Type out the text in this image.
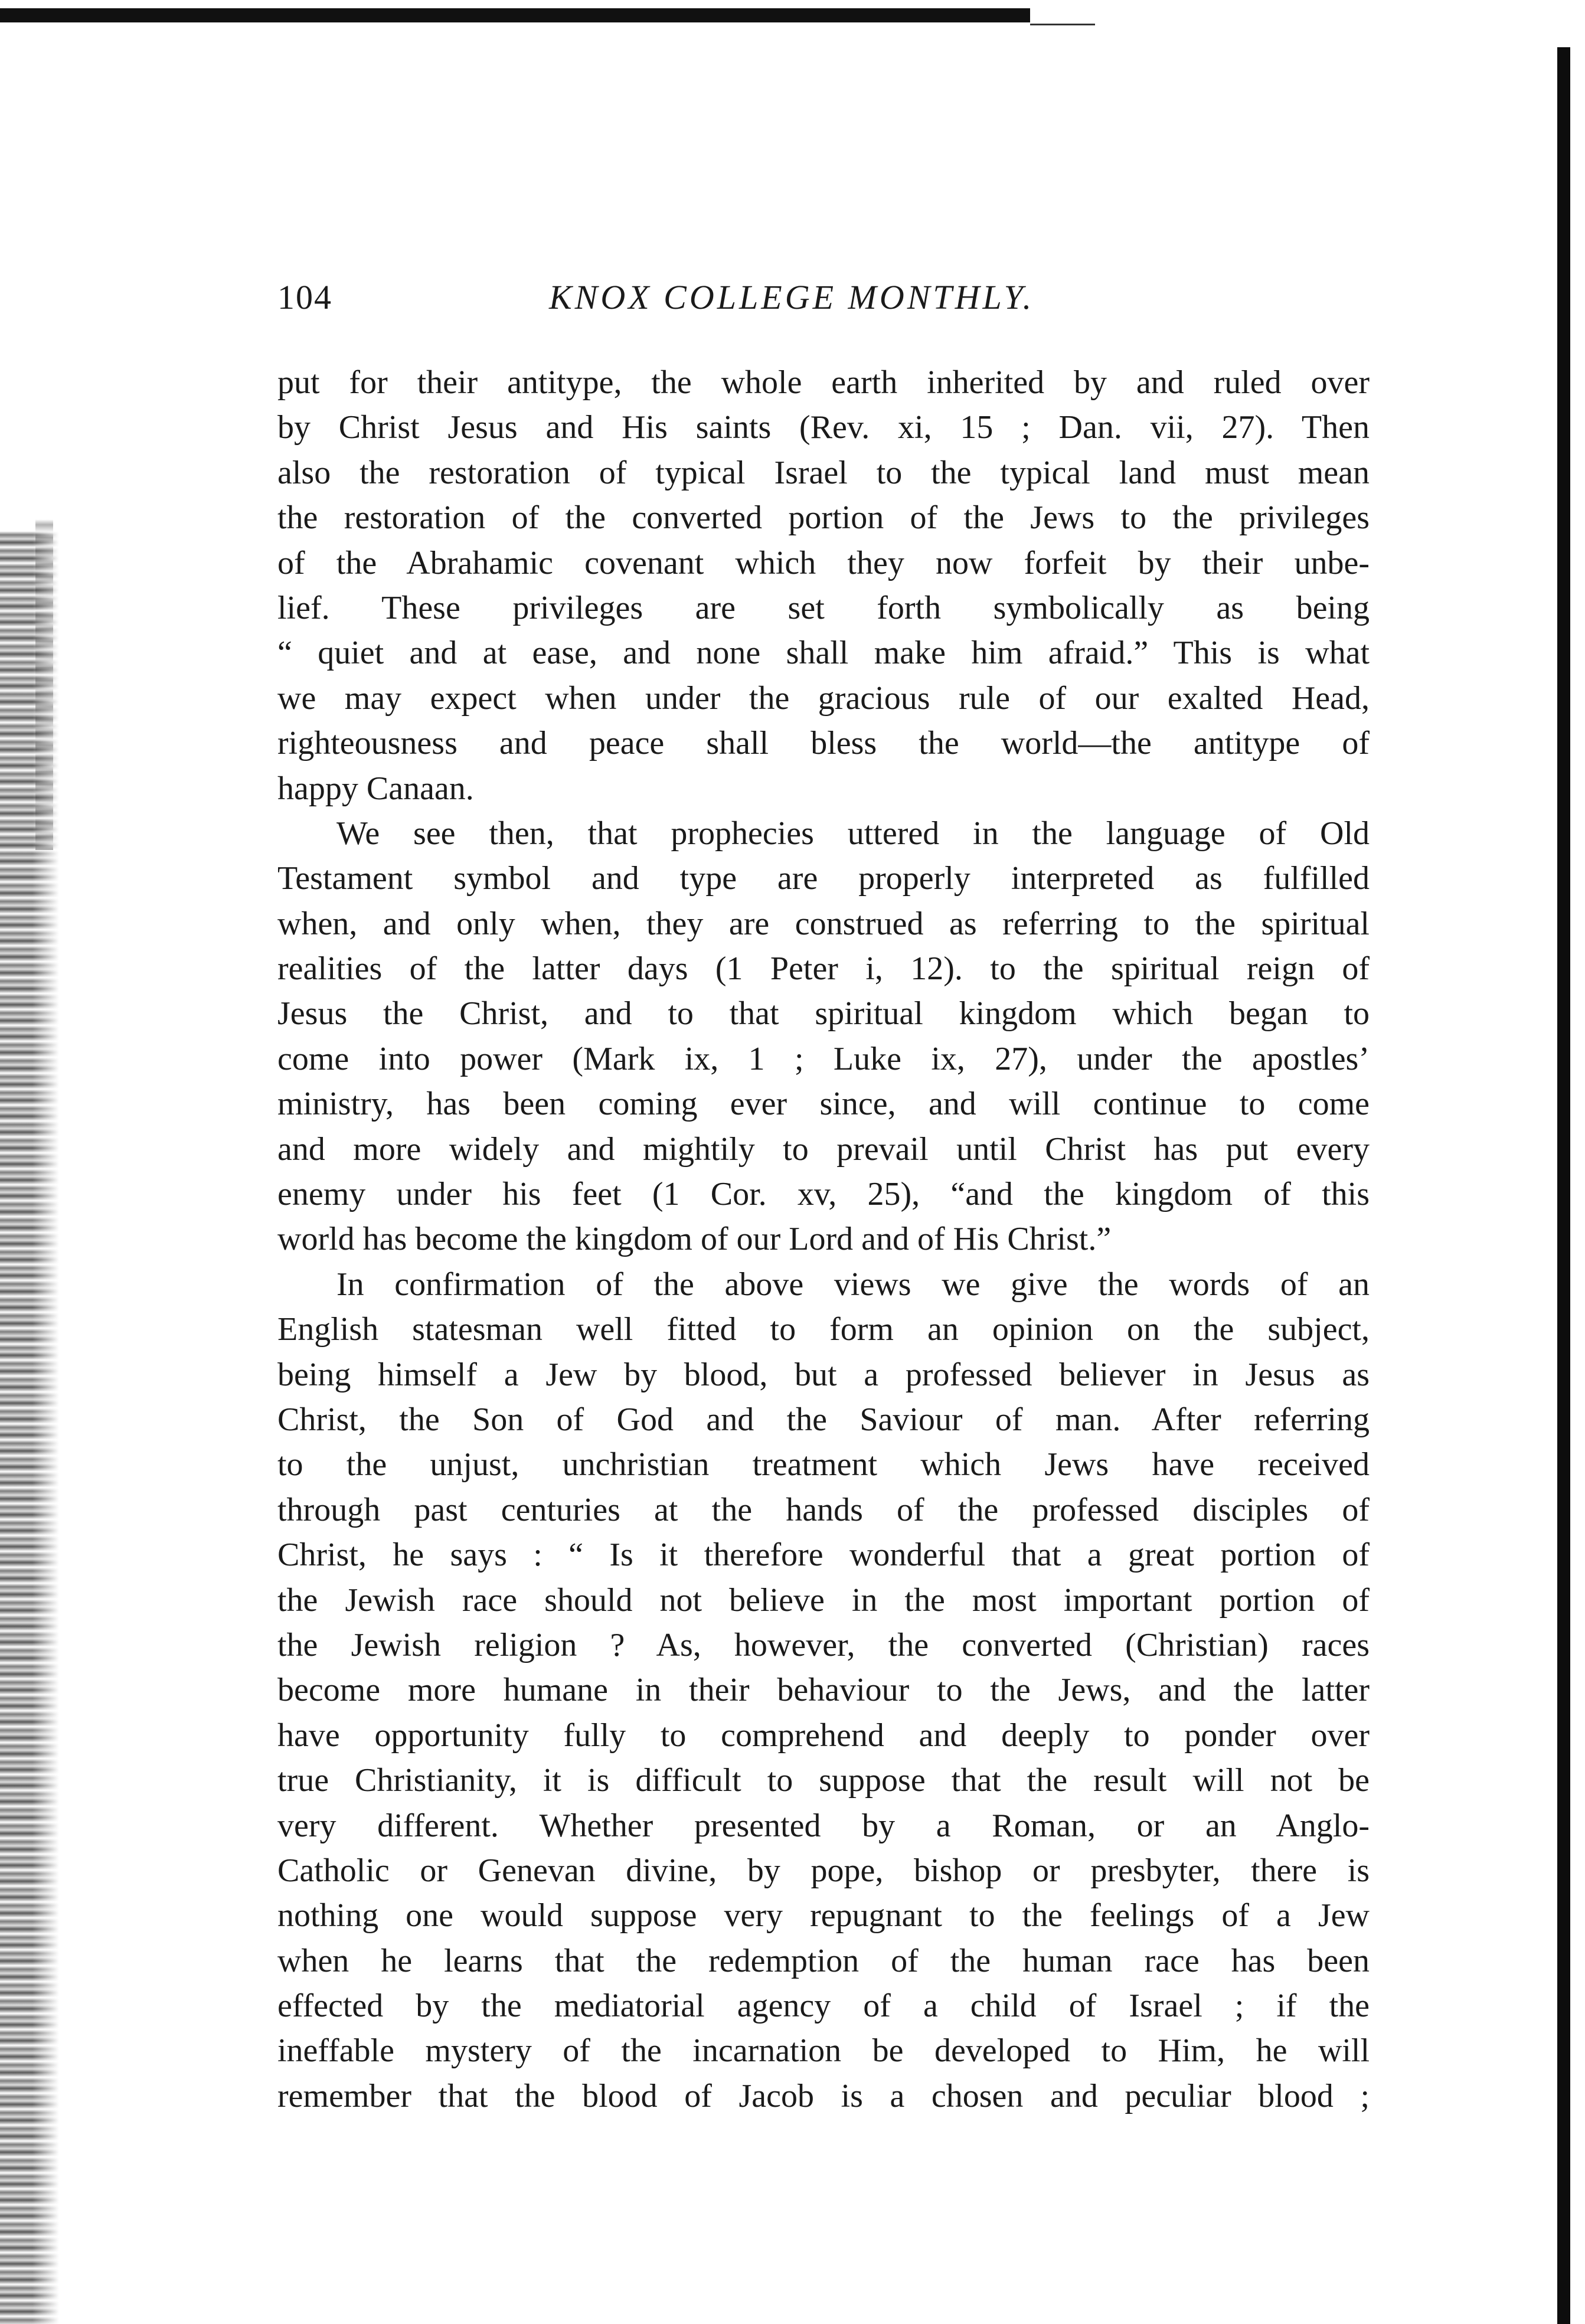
104	KNOX COLLEGE MONTHLY.
put for their antitype, the whole earth inherited by and ruled over
by Christ Jesus and His saints (Rev. xi, 15 ; Dan. vii, 27). Then
also the restoration of typical Israel to the typical land must mean
the restoration of the converted portion of the Jews to the privileges
of the Abrahamic covenant which they now forfeit by their unbe-
lief. These privileges are set forth symbolically as being
“ quiet and at ease, and none shall make him afraid.” This is what
we may expect when under the gracious rule of our exalted Head,
righteousness and peace shall bless the world—the antitype of
happy Canaan.
We see then, that prophecies uttered in the language of Old
Testament symbol and type are properly interpreted as fulfilled
when, and only when, they are construed as referring to the spiritual
realities of the latter days (1 Peter i, 12). to the spiritual reign of
Jesus the Christ, and to that spiritual kingdom which began to
come into power (Mark ix, 1 ; Luke ix, 27), under the apostles’
ministry, has been coming ever since, and will continue to come
and more widely and mightily to prevail until Christ has put every
enemy under his feet (1 Cor. xv, 25), “and the kingdom of this
world has become the kingdom of our Lord and of His Christ.”
In confirmation of the above views we give the words of an
English statesman well fitted to form an opinion on the subject,
being himself a Jew by blood, but a professed believer in Jesus as
Christ, the Son of God and the Saviour of man. After referring
to the unjust, unchristian treatment which Jews have received
through past centuries at the hands of the professed disciples of
Christ, he says : “ Is it therefore wonderful that a great portion of
the Jewish race should not believe in the most important portion of
the Jewish religion ? As, however, the converted (Christian) races
become more humane in their behaviour to the Jews, and the latter
have opportunity fully to comprehend and deeply to ponder over
true Christianity, it is difficult to suppose that the result will not be
very different. Whether presented by a Roman, or an Anglo-
Catholic or Genevan divine, by pope, bishop or presbyter, there is
nothing one would suppose very repugnant to the feelings of a Jew
when he learns that the redemption of the human race has been
effected by the mediatorial agency of a child of Israel ; if the
ineffable mystery of the incarnation be developed to Him, he will
remember that the blood of Jacob is a chosen and peculiar blood ;
